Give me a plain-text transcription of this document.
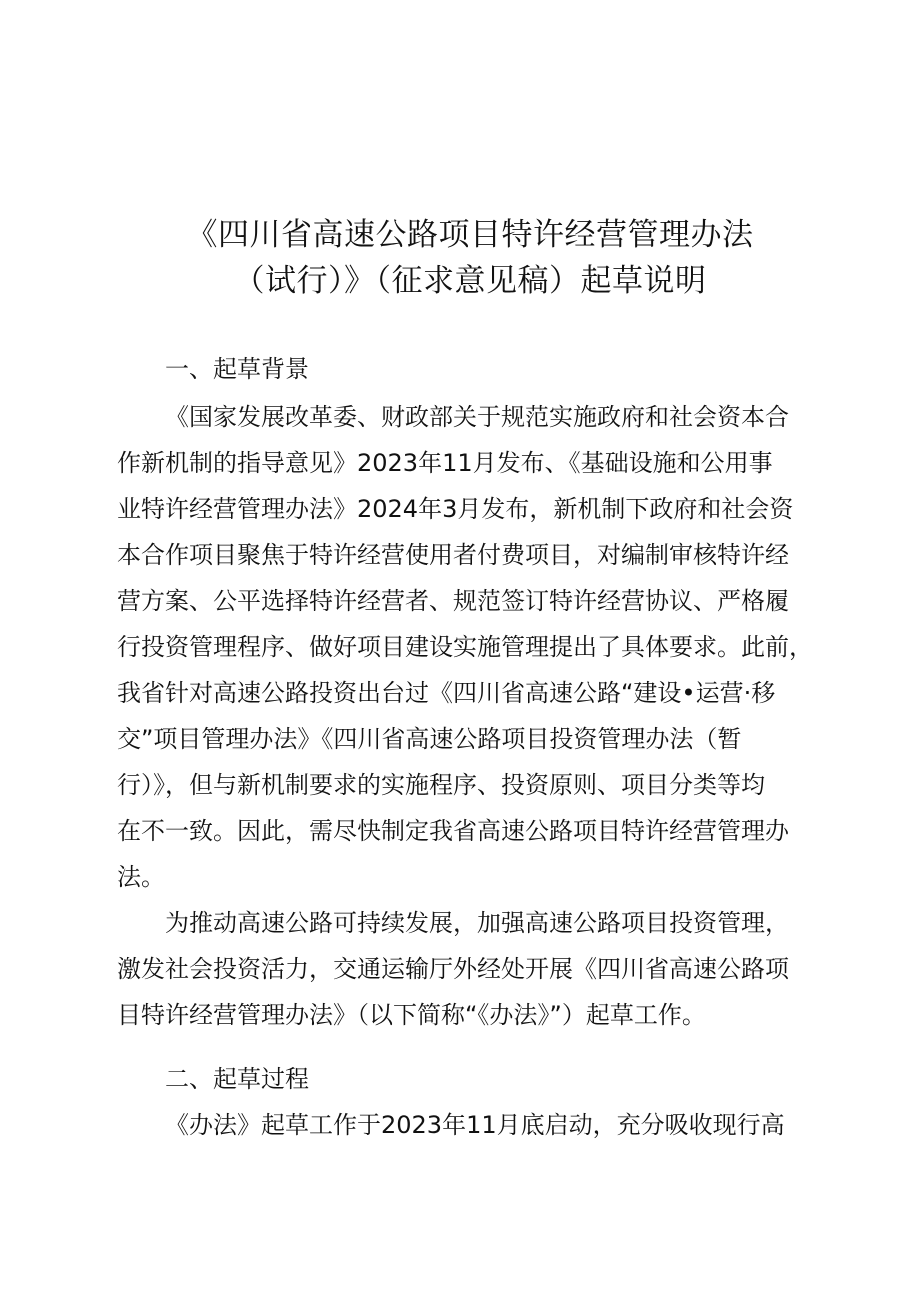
《四川省高速公路项目特许经营管理办法
（试行）》（征求意见稿）起草说明
一、起草背景
《国家发展改革委、财政部关于规范实施政府和社会资本合
作新机制的指导意见》2023年11月发布、《基础设施和公用事
业特许经营管理办法》2024年3月发布，新机制下政府和社会资
本合作项目聚焦于特许经营使用者付费项目，对编制审核特许经
营方案、公平选择特许经营者、规范签订特许经营协议、严格履
行投资管理程序、做好项目建设实施管理提出了具体要求。此前，
我省针对高速公路投资出台过《四川省高速公路“建设•运营·移
交”项目管理办法》《四川省高速公路项目投资管理办法（暂
行）》，但与新机制要求的实施程序、投资原则、项目分类等均
在不一致。因此，需尽快制定我省高速公路项目特许经营管理办
法。
为推动高速公路可持续发展，加强高速公路项目投资管理，
激发社会投资活力，交通运输厅外经处开展《四川省高速公路项
目特许经营管理办法》（以下简称“《办法》”）起草工作。
二、起草过程
《办法》起草工作于2023年11月底启动，充分吸收现行高
